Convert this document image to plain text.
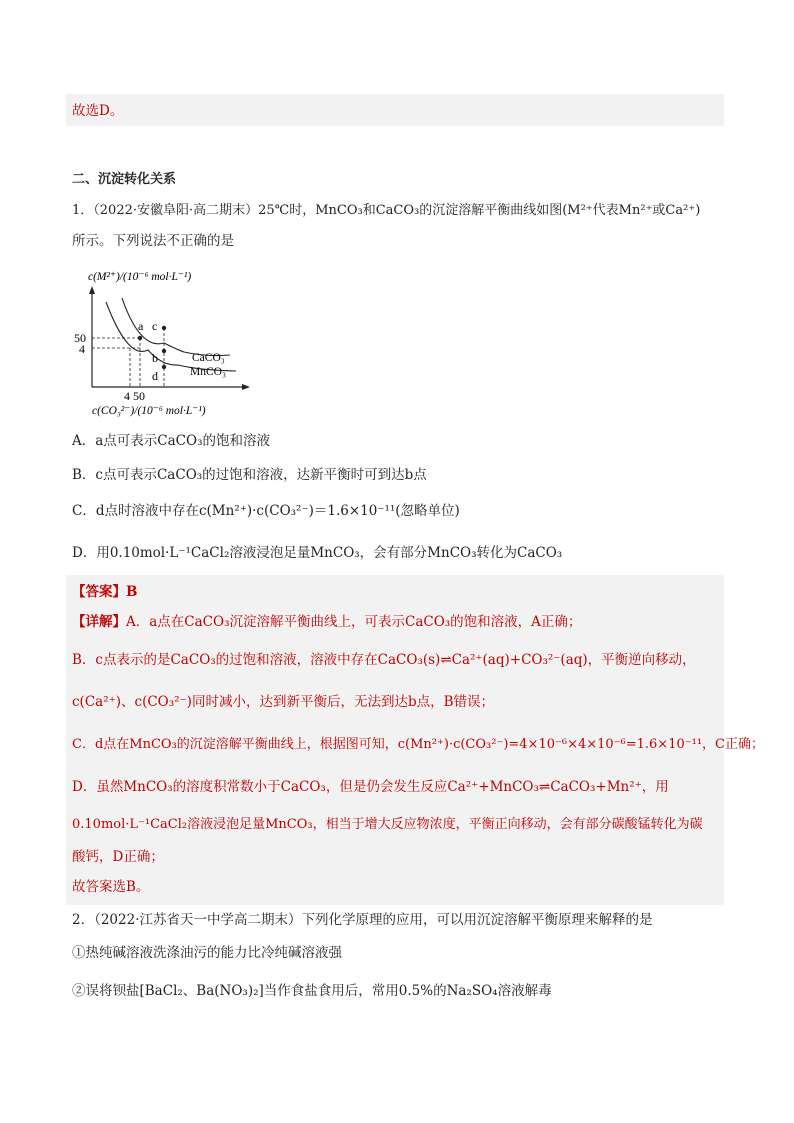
故选D。
二、沉淀转化关系
1．（2022·安徽阜阳·高二期末）25℃时，MnCO₃和CaCO₃的沉淀溶解平衡曲线如图(M²⁺代表Mn²⁺或Ca²⁺)
所示。下列说法不正确的是
c(M²⁺)/(10⁻⁶ mol·L⁻¹)
50
4
4 50
a c
b
d
CaCO₃
MnCO₃
c(CO₃²⁻)/(10⁻⁶ mol·L⁻¹)
A．a点可表示CaCO₃的饱和溶液
B．c点可表示CaCO₃的过饱和溶液，达新平衡时可到达b点
C．d点时溶液中存在c(Mn²⁺)·c(CO₃²⁻)＝1.6×10⁻¹¹(忽略单位)
D．用0.10mol·L⁻¹CaCl₂溶液浸泡足量MnCO₃，会有部分MnCO₃转化为CaCO₃
【答案】B
【详解】A．a点在CaCO₃沉淀溶解平衡曲线上，可表示CaCO₃的饱和溶液，A正确；
B．c点表示的是CaCO₃的过饱和溶液，溶液中存在CaCO₃(s)⇌Ca²⁺(aq)+CO₃²⁻(aq)，平衡逆向移动，
c(Ca²⁺)、c(CO₃²⁻)同时减小，达到新平衡后，无法到达b点，B错误；
C．d点在MnCO₃的沉淀溶解平衡曲线上，根据图可知，c(Mn²⁺)·c(CO₃²⁻)=4×10⁻⁶×4×10⁻⁶=1.6×10⁻¹¹，C正确；
D．虽然MnCO₃的溶度积常数小于CaCO₃，但是仍会发生反应Ca²⁺+MnCO₃⇌CaCO₃+Mn²⁺，用
0.10mol·L⁻¹CaCl₂溶液浸泡足量MnCO₃，相当于增大反应物浓度，平衡正向移动，会有部分碳酸锰转化为碳
酸钙，D正确；
故答案选B。
2．（2022·江苏省天一中学高二期末）下列化学原理的应用，可以用沉淀溶解平衡原理来解释的是
①热纯碱溶液洗涤油污的能力比冷纯碱溶液强
②误将钡盐[BaCl₂、Ba(NO₃)₂]当作食盐食用后，常用0.5%的Na₂SO₄溶液解毒
